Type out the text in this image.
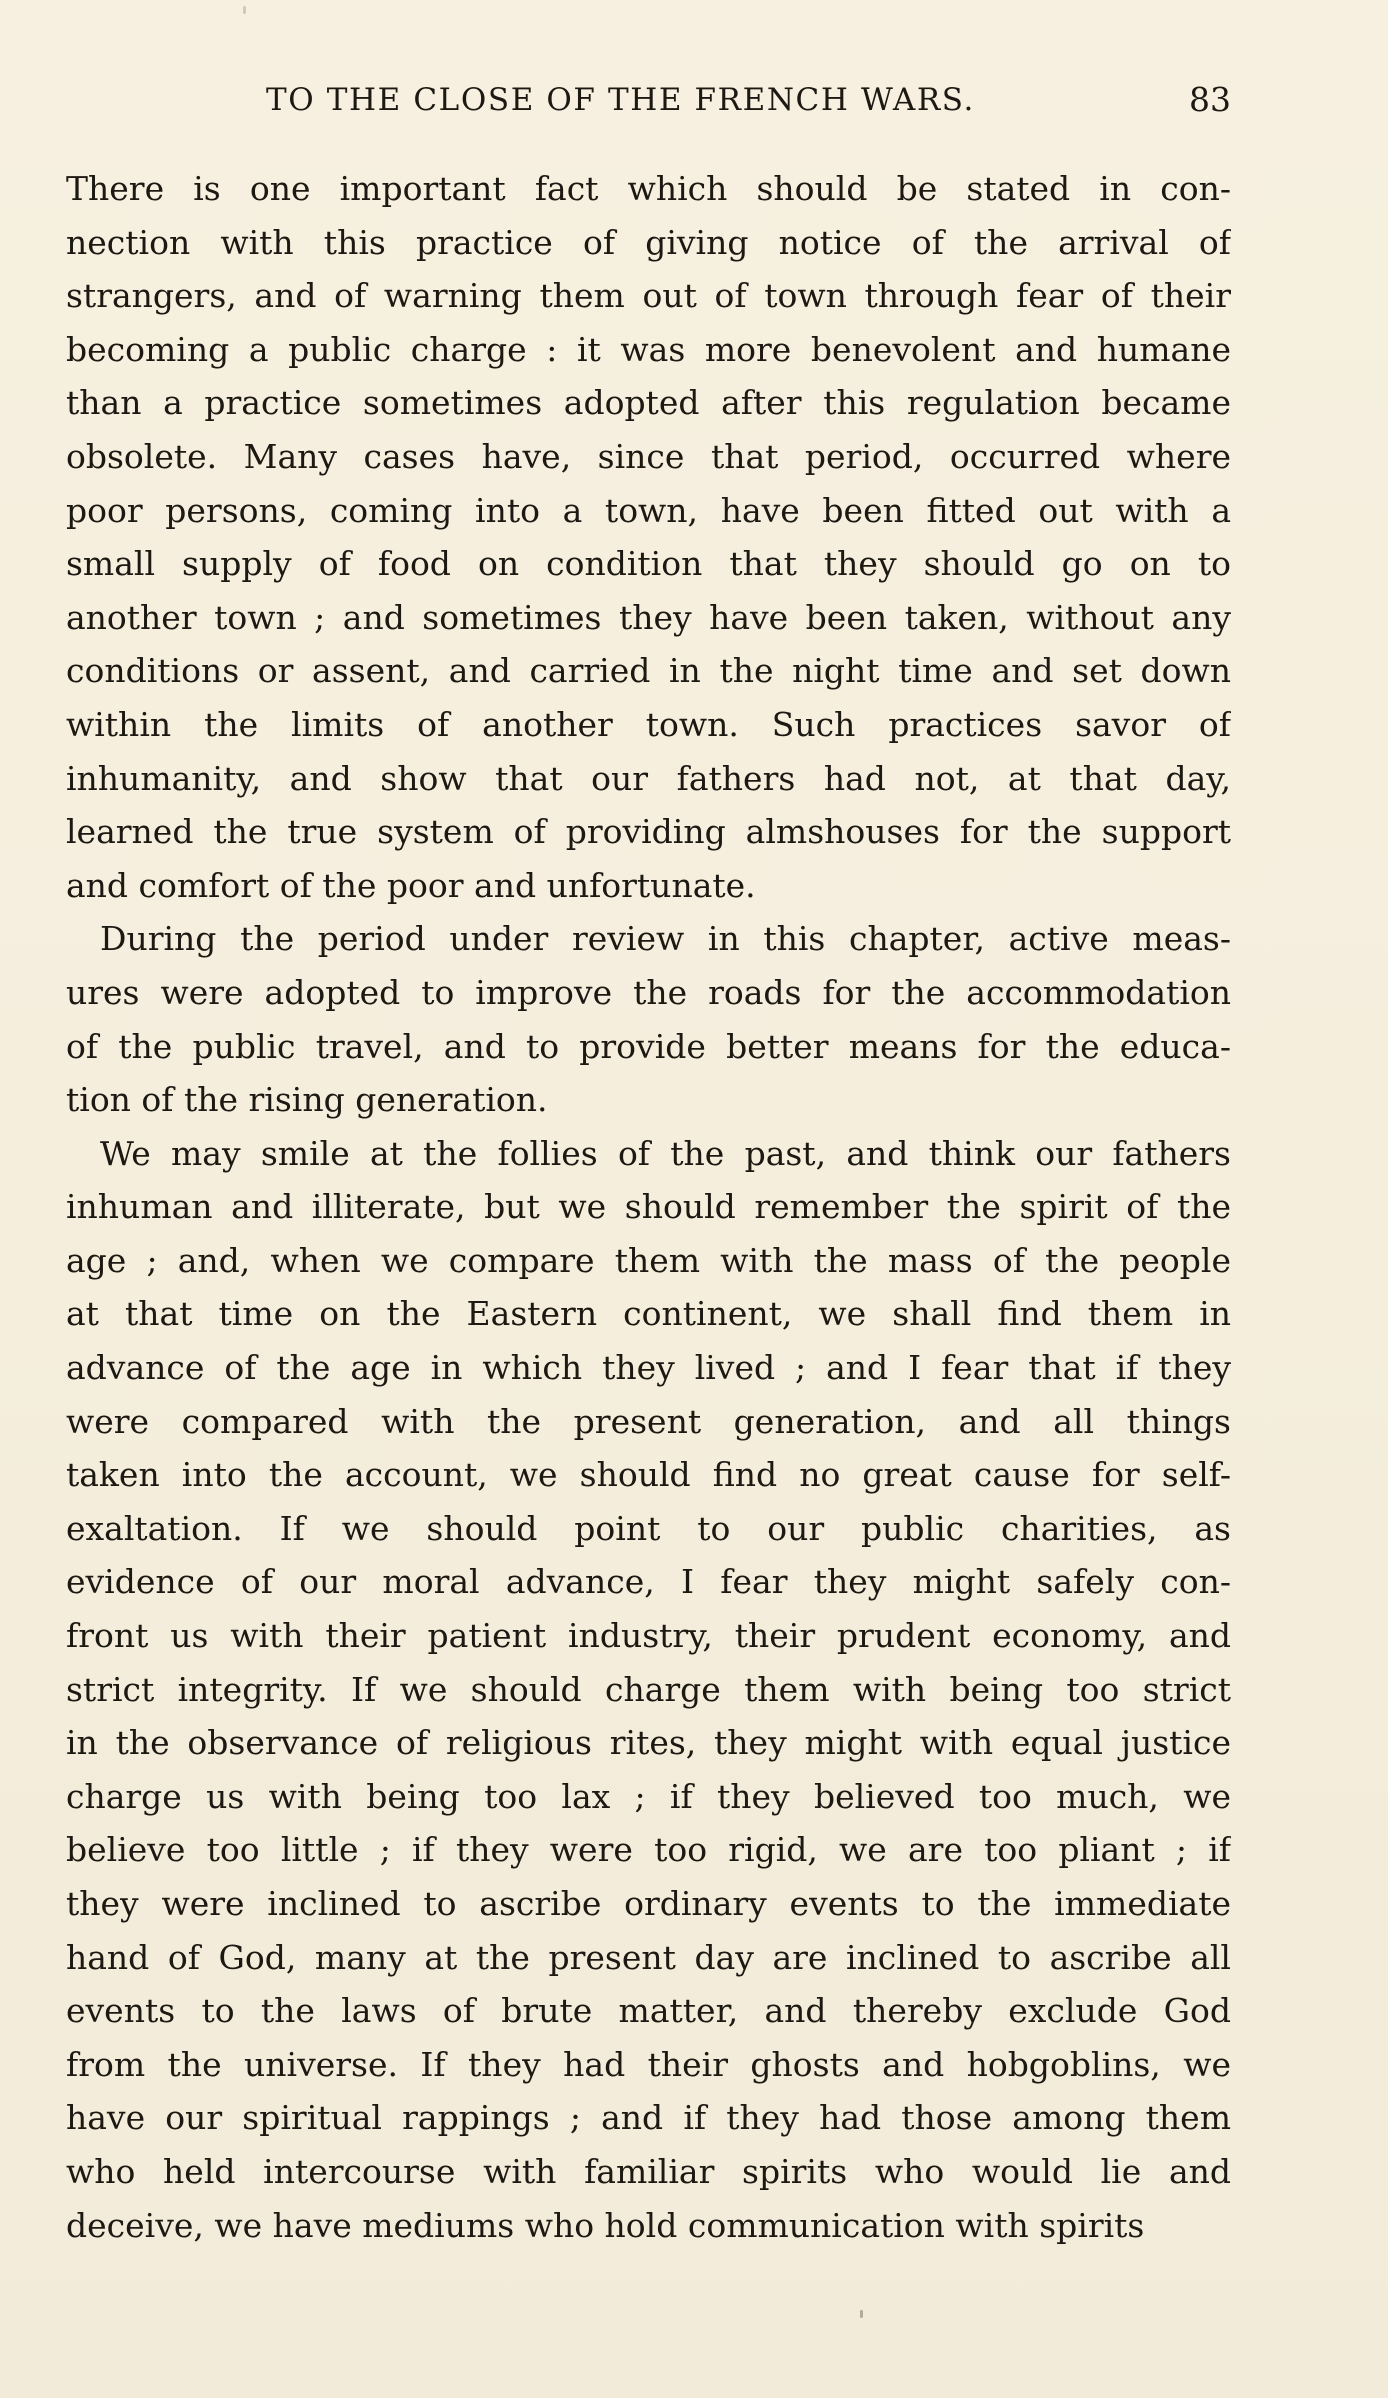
TO THE CLOSE OF THE FRENCH WARS.	83
There is one important fact which should be stated in con-
nection with this practice of giving notice of the arrival of
strangers, and of warning them out of town through fear of their
becoming a public charge : it was more benevolent and humane
than a practice sometimes adopted after this regulation became
obsolete. Many cases have, since that period, occurred where
poor persons, coming into a town, have been fitted out with a
small supply of food on condition that they should go on to
another town ; and sometimes they have been taken, without any
conditions or assent, and carried in the night time and set down
within the limits of another town. Such practices savor of
inhumanity, and show that our fathers had not, at that day,
learned the true system of providing almshouses for the support
and comfort of the poor and unfortunate.
During the period under review in this chapter, active meas-
ures were adopted to improve the roads for the accommodation
of the public travel, and to provide better means for the educa-
tion of the rising generation.
We may smile at the follies of the past, and think our fathers
inhuman and illiterate, but we should remember the spirit of the
age ; and, when we compare them with the mass of the people
at that time on the Eastern continent, we shall find them in
advance of the age in which they lived ; and I fear that if they
were compared with the present generation, and all things
taken into the account, we should find no great cause for self-
exaltation. If we should point to our public charities, as
evidence of our moral advance, I fear they might safely con-
front us with their patient industry, their prudent economy, and
strict integrity. If we should charge them with being too strict
in the observance of religious rites, they might with equal justice
charge us with being too lax ; if they believed too much, we
believe too little ; if they were too rigid, we are too pliant ; if
they were inclined to ascribe ordinary events to the immediate
hand of God, many at the present day are inclined to ascribe all
events to the laws of brute matter, and thereby exclude God
from the universe. If they had their ghosts and hobgoblins, we
have our spiritual rappings ; and if they had those among them
who held intercourse with familiar spirits who would lie and
deceive, we have mediums who hold communication with spirits
